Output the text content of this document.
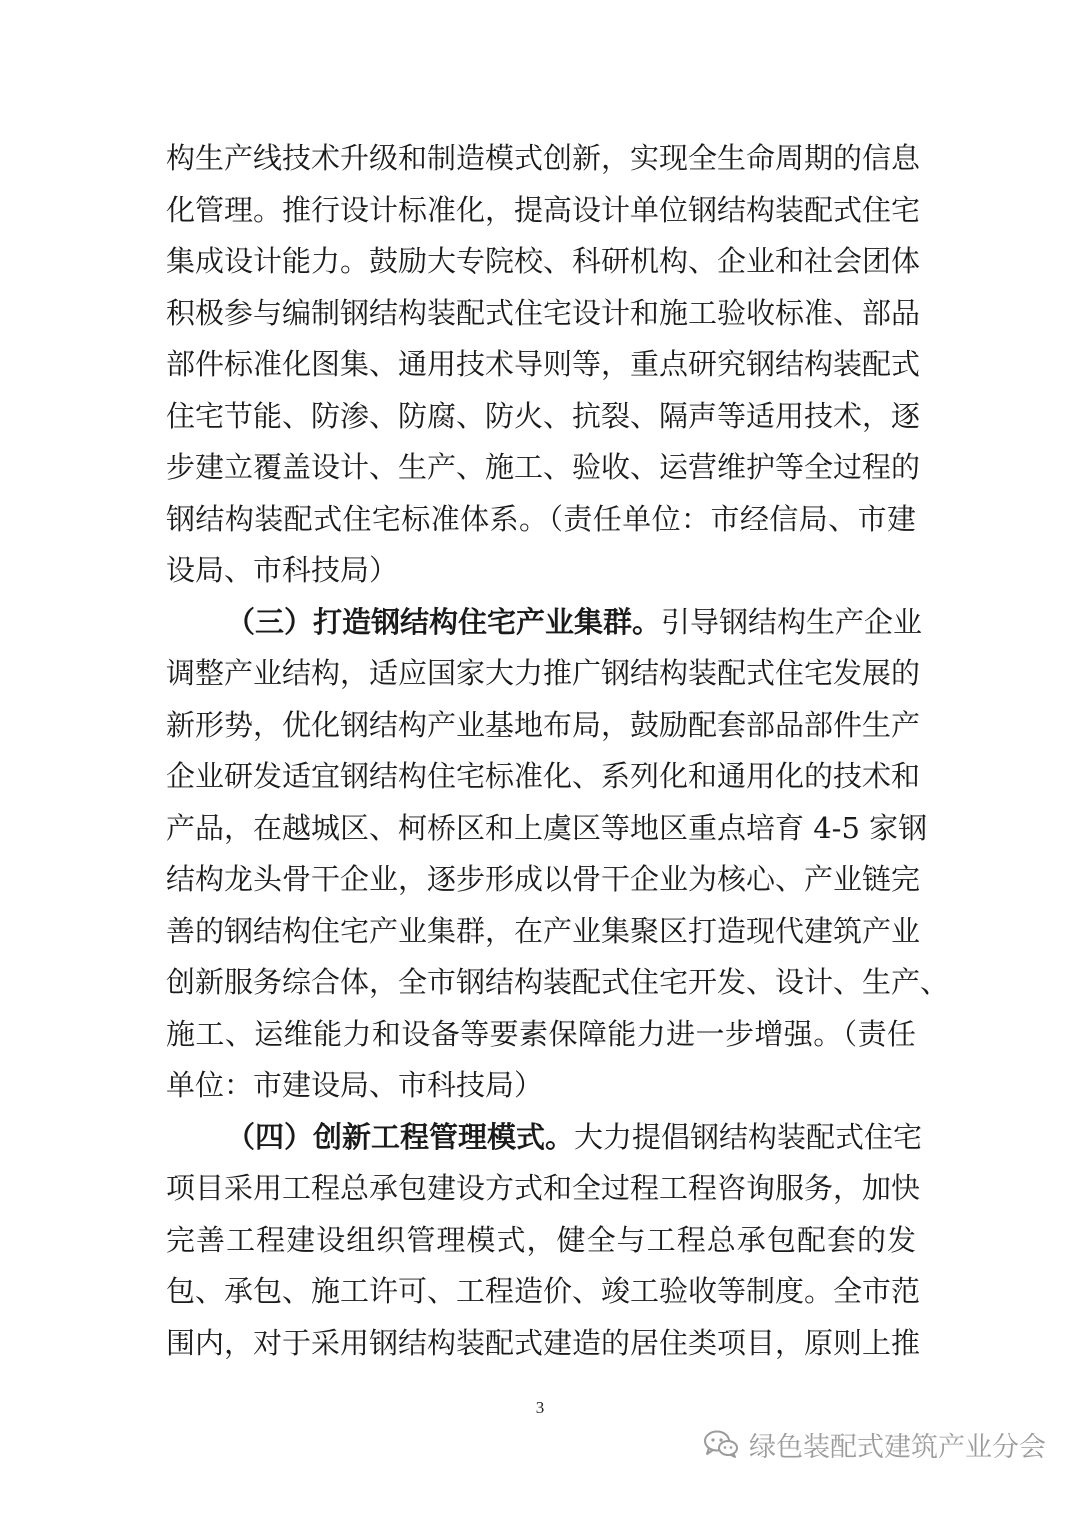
构生产线技术升级和制造模式创新，实现全生命周期的信息
化管理。推行设计标准化，提高设计单位钢结构装配式住宅
集成设计能力。鼓励大专院校、科研机构、企业和社会团体
积极参与编制钢结构装配式住宅设计和施工验收标准、部品
部件标准化图集、通用技术导则等，重点研究钢结构装配式
住宅节能、防渗、防腐、防火、抗裂、隔声等适用技术，逐
步建立覆盖设计、生产、施工、验收、运营维护等全过程的
钢结构装配式住宅标准体系。（责任单位：市经信局、市建
设局、市科技局）
（三）打造钢结构住宅产业集群。引导钢结构生产企业
调整产业结构，适应国家大力推广钢结构装配式住宅发展的
新形势，优化钢结构产业基地布局，鼓励配套部品部件生产
企业研发适宜钢结构住宅标准化、系列化和通用化的技术和
产品，在越城区、柯桥区和上虞区等地区重点培育 4-5 家钢
结构龙头骨干企业，逐步形成以骨干企业为核心、产业链完
善的钢结构住宅产业集群，在产业集聚区打造现代建筑产业
创新服务综合体，全市钢结构装配式住宅开发、设计、生产、
施工、运维能力和设备等要素保障能力进一步增强。（责任
单位：市建设局、市科技局）
（四）创新工程管理模式。大力提倡钢结构装配式住宅
项目采用工程总承包建设方式和全过程工程咨询服务，加快
完善工程建设组织管理模式，健全与工程总承包配套的发
包、承包、施工许可、工程造价、竣工验收等制度。全市范
围内，对于采用钢结构装配式建造的居住类项目，原则上推
3
绿色装配式建筑产业分会
